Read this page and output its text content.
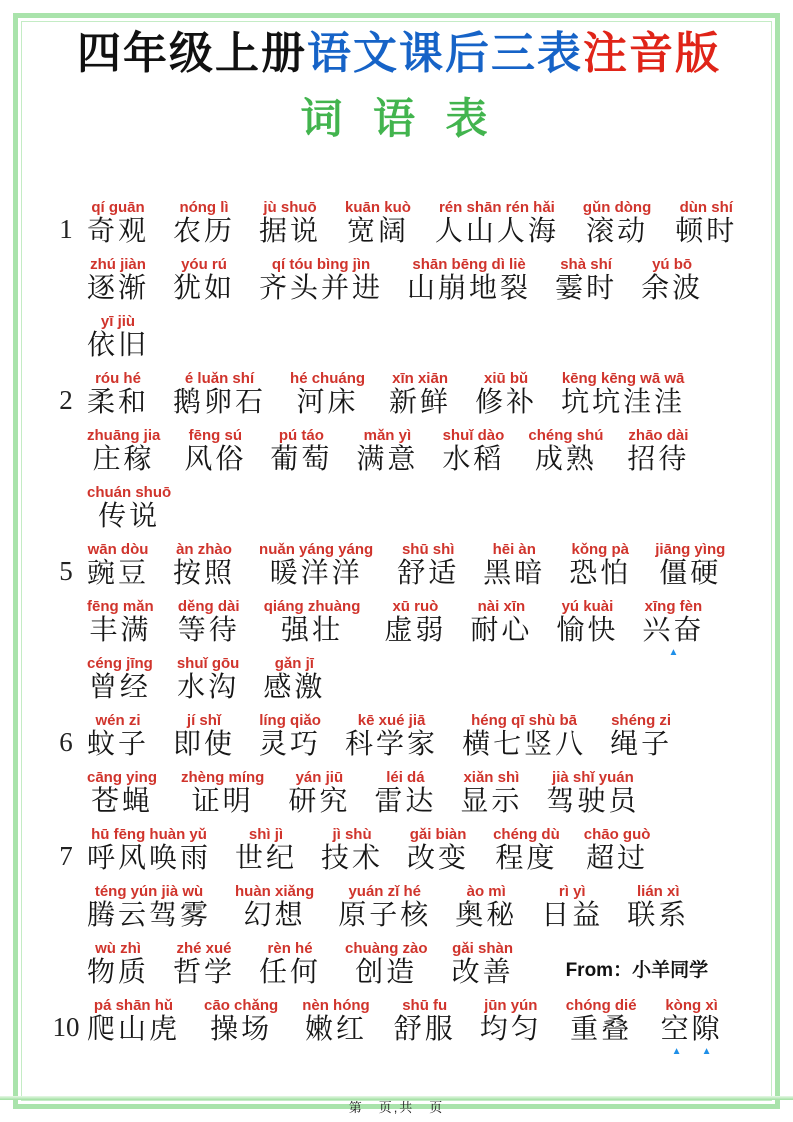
四年级上册语文课后三表注音版
词 语 表
1
qí guān
奇观
nóng lì
农历
jù shuō
据说
kuān kuò
宽阔
rén shān rén hǎi
人山人海
gǔn dòng
滚动
dùn shí
顿时
zhú jiàn
逐渐
yóu rú
犹如
qí tóu bìng jìn
齐头并进
shān bēng dì liè
山崩地裂
shà shí
霎时
yú bō
余波
yī jiù
依旧
2
róu hé
柔和
é luǎn shí
鹅卵石
hé chuáng
河床
xīn xiān
新鲜
xiū bǔ
修补
kēng kēng wā wā
坑坑洼洼
zhuāng jia
庄稼
fēng sú
风俗
pú táo
葡萄
mǎn yì
满意
shuǐ dào
水稻
chéng shú
成熟
zhāo dài
招待
chuán shuō
传说
5
wān dòu
豌豆
àn zhào
按照
nuǎn yáng yáng
暖洋洋
shū shì
舒适
hēi àn
黑暗
kǒng pà
恐怕
jiāng yìng
僵硬
fēng mǎn
丰满
děng dài
等待
qiáng zhuàng
强壮
xū ruò
虚弱
nài xīn
耐心
yú kuài
愉快
xīng fèn
兴奋
▲
céng jīng
曾经
shuǐ gōu
水沟
gǎn jī
感激
6
wén zi
蚊子
jí shǐ
即使
líng qiǎo
灵巧
kē xué jiā
科学家
héng qī shù bā
横七竖八
shéng zi
绳子
cāng ying
苍蝇
zhèng míng
证明
yán jiū
研究
léi dá
雷达
xiǎn shì
显示
jià shǐ yuán
驾驶员
7
hū fēng huàn yǔ
呼风唤雨
shì jì
世纪
jì shù
技术
gǎi biàn
改变
chéng dù
程度
chāo guò
超过
téng yún jià wù
腾云驾雾
huàn xiǎng
幻想
yuán zǐ hé
原子核
ào mì
奥秘
rì yì
日益
lián xì
联系
wù zhì
物质
zhé xué
哲学
rèn hé
任何
chuàng zào
创造
gǎi shàn
改善	From：小羊同学
10
pá shān hǔ
爬山虎
cāo chǎng
操场
nèn hóng
嫩红
shū fu
舒服
jūn yún
均匀
chóng dié
重叠
kòng xì
空隙
▲ ▲
第　页,共　页
